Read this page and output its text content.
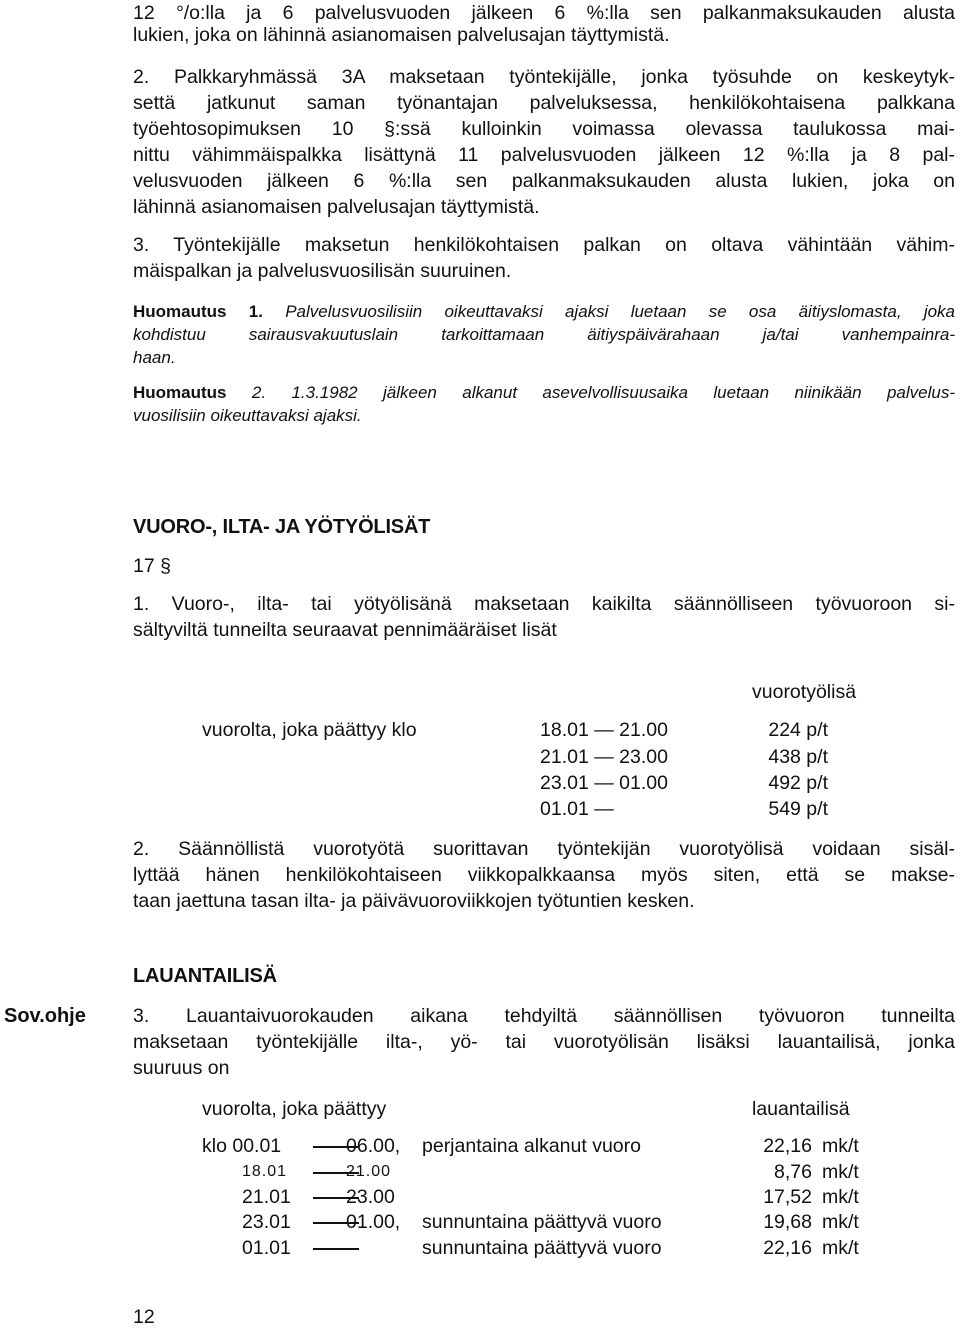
12 °/o:lla ja 6 palvelusvuoden jälkeen 6 %:lla sen palkanmaksukauden alusta
lukien, joka on lähinnä asianomaisen palvelusajan täyttymistä.
2. Palkkaryhmässä 3A maksetaan työntekijälle, jonka työsuhde on keskeytyk-
settä jatkunut saman työnantajan palveluksessa, henkilökohtaisena palkkana
työehtosopimuksen 10 §:ssä kulloinkin voimassa olevassa taulukossa mai-
nittu vähimmäispalkka lisättynä 11 palvelusvuoden jälkeen 12 %:lla ja 8 pal-
velusvuoden jälkeen 6 %:lla sen palkanmaksukauden alusta lukien, joka on
lähinnä asianomaisen palvelusajan täyttymistä.
3. Työntekijälle maksetun henkilökohtaisen palkan on oltava vähintään vähim-
mäispalkan ja palvelusvuosilisän suuruinen.
Huomautus 1. Palvelusvuosilisiin oikeuttavaksi ajaksi luetaan se osa äitiyslomasta, joka
kohdistuu sairausvakuutuslain tarkoittamaan äitiyspäivärahaan ja/tai vanhempainra-
haan.
Huomautus 2. 1.3.1982 jälkeen alkanut asevelvollisuusaika luetaan niinikään palvelus-
vuosilisiin oikeuttavaksi ajaksi.
VUORO-, ILTA- JA YÖTYÖLISÄT
17 §
1. Vuoro-, ilta- tai yötyölisänä maksetaan kaikilta säännölliseen työvuoroon si-
sältyviltä tunneilta seuraavat pennimääräiset lisät
vuorotyölisä
vuorolta, joka päättyy klo	18.01 — 21.00	224 p/t
21.01 — 23.00	438 p/t
23.01 — 01.00	492 p/t
01.01 —	549 p/t
2. Säännöllistä vuorotyötä suorittavan työntekijän vuorotyölisä voidaan sisäl-
lyttää hänen henkilökohtaiseen viikkopalkkaansa myös siten, että se makse-
taan jaettuna tasan ilta- ja päivävuoroviikkojen työtuntien kesken.
LAUANTAILISÄ
Sov.ohje 3. Lauantaivuorokauden aikana tehdyiltä säännöllisen työvuoron tunneilta
maksetaan työntekijälle ilta-, yö- tai vuorotyölisän lisäksi lauantailisä, jonka
suuruus on
vuorolta, joka päättyy	lauantailisä
klo 00.01	06.00, perjantaina alkanut vuoro	22,16 mk/t
18.01	21.00	8,76 mk/t
21.01	23.00	17,52 mk/t
23.01	01.00, sunnuntaina päättyvä vuoro	19,68 mk/t
01.01	sunnuntaina päättyvä vuoro	22,16 mk/t
12
